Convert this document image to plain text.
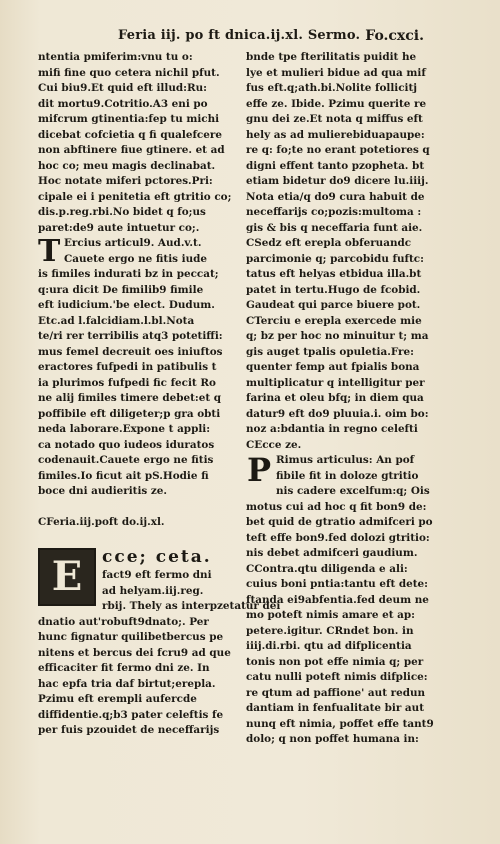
Feria iij. po ft dnica.ij.xl. Sermo. Fo.cxci.
ntentia pmiferim:vnu tu o:
mifi fine quo cetera nichil pfut.
Cui biu9.Et quid eft illud:Ru:
dit mortu9.Cotritio.A3 eni po
mifcrum gtinentia:fep tu michi
dicebat cofcietia q fi qualefcere
non abftinere fiue gtinere. et ad
hoc co; meu magis declinabat.
Hoc notate miferi pctores.Pri:
cipale ei i penitetia eft gtritio co;
dis.p.reg.rbi.No bidet q fo;us
paret:de9 aute intuetur co;.
T Ercius articul9. Aud.v.t.
Cauete ergo ne fitis iude
is fimiles indurati bz in peccat;
q:ura dicit De fimilib9 fimile
eft iudicium.'be elect. Dudum.
Etc.ad l.falcidiam.l.bl.Nota
te/ri rer terribilis atq3 potetiffi:
mus femel decreuit oes iniuftos
eractores fufpedi in patibulis t
ia plurimos fufpedi fic fecit Ro
ne alij fimiles timere debet:et q
poffibile eft diligeter;p gra obti
neda laborare.Expone t appli:
ca notado quo iudeos iduratos
codenauit.Cauete ergo ne fitis
fimiles.Io ficut ait pS.Hodie fi
boce dni audieritis ze.
CFeria.iij.poft do.ij.xl.
E	cce; ceta.
fact9 eft fermo dni
ad helyam.iij.reg.
rbij. Thely as interpzetatur dei
dnatio aut'robuft9dnato;. Per
hunc fignatur quilibetbercus pe
nitens et bercus dei fcru9 ad que
efficaciter fit fermo dni ze. In
hac epfa tria daf birtut;erepla.
Pzimu eft erempli aufercde
diffidentie.q;b3 pater celeftis fe
per fuis pzouidet de neceffarijs
bnde tpe fterilitatis puidit he
lye et mulieri bidue ad qua mif
fus eft.q;ath.bi.Nolite follicitj
effe ze. Ibide. Pzimu querite re
gnu dei ze.Et nota q miffus eft
hely as ad mulierebiduapaupe:
re q: fo;te no erant potetiores q
digni effent tanto pzopheta. bt
etiam bidetur do9 dicere lu.iiij.
Nota etia/q do9 cura habuit de
neceffarijs co;pozis:multoma :
gis & bis q neceffaria funt aie.
CSedz eft erepla obferuandc
parcimonie q; parcobidu fuftc:
tatus eft helyas etbidua illa.bt
patet in tertu.Hugo de fcobid.
Gaudeat qui parce biuere pot.
CTerciu e erepla exercede mie
q; bz per hoc no minuitur t; ma
gis auget tpalis opuletia.Fre:
quenter femp aut fpialis bona
multiplicatur q intelligitur per
farina et oleu bfq; in diem qua
datur9 eft do9 pluuia.i. oim bo:
noz a:bdantia in regno celefti
CEcce ze.
P Rimus articulus: An pof
fibile fit in doloze gtritio
nis cadere excelfum:q; Ois
motus cui ad hoc q fit bon9 de:
bet quid de gtratio admifceri po
teft effe bon9.fed dolozi gtritio:
nis debet admifceri gaudium.
CContra.qtu diligenda e ali:
cuius boni pntia:tantu eft dete:
ftanda ei9abfentia.fed deum ne
mo poteft nimis amare et ap:
petere.igitur. CRndet bon. in
iiij.di.rbi. qtu ad difplicentia
tonis non pot effe nimia q; per
catu nulli poteft nimis difplice:
re qtum ad paffione' aut redun
dantiam in fenfualitate bir aut
nunq eft nimia, poffet effe tant9
dolo; q non poffet humana in:
